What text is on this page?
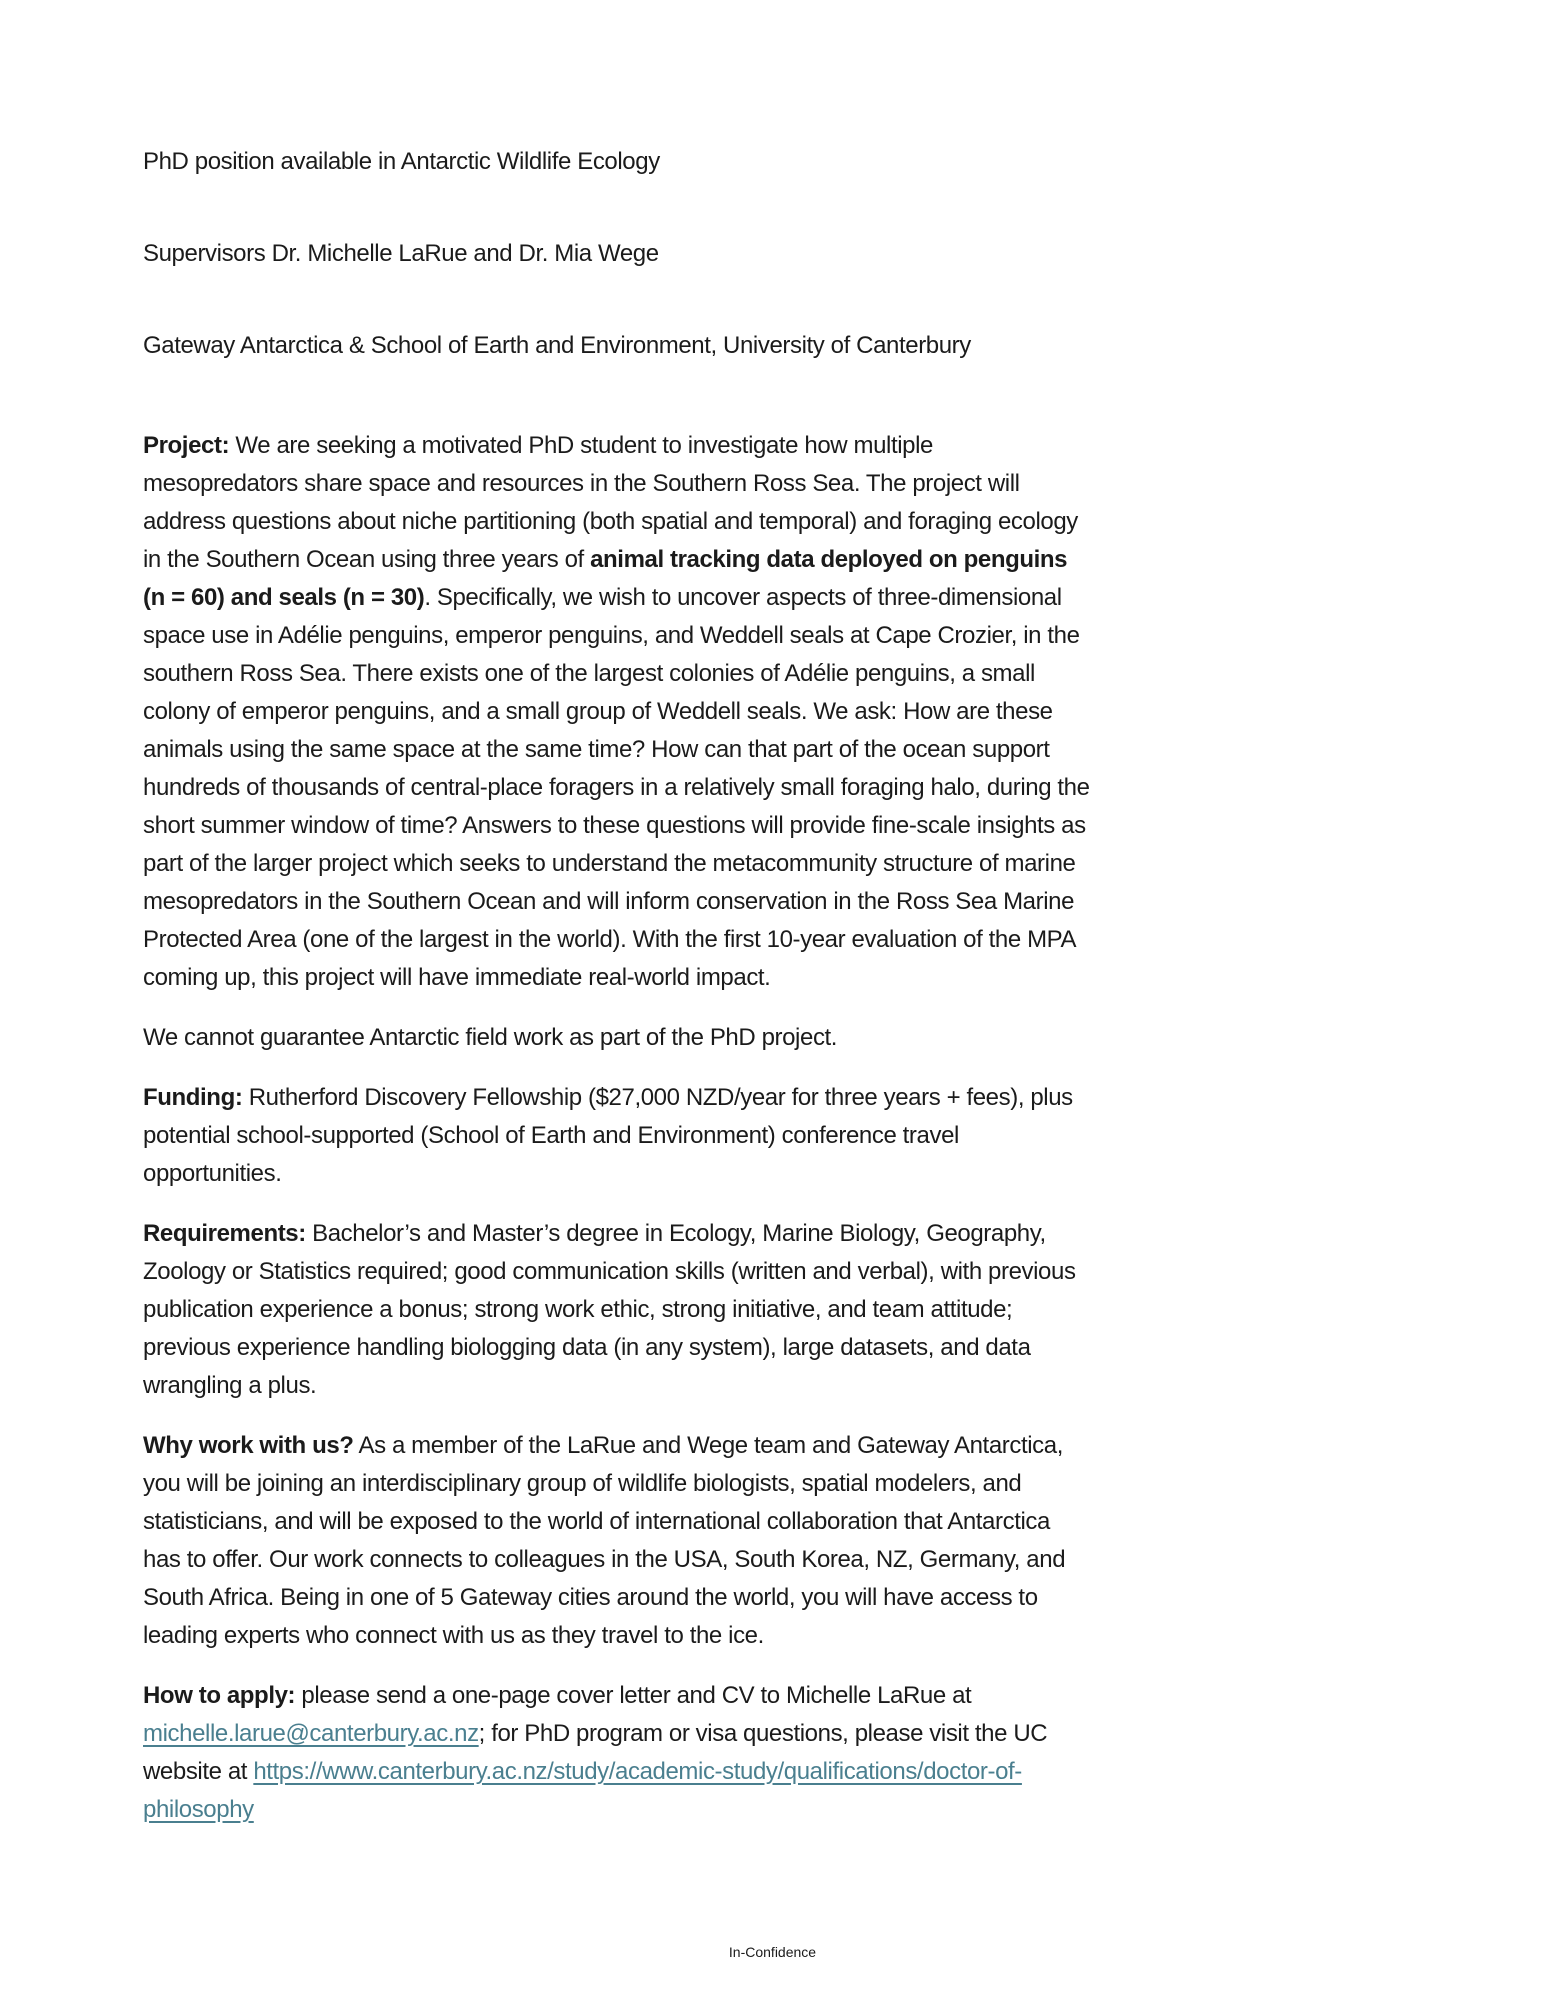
PhD position available in Antarctic Wildlife Ecology

Supervisors Dr. Michelle LaRue and Dr. Mia Wege

Gateway Antarctica & School of Earth and Environment, University of Canterbury

Project: We are seeking a motivated PhD student to investigate how multiple mesopredators share space and resources in the Southern Ross Sea. The project will address questions about niche partitioning (both spatial and temporal) and foraging ecology in the Southern Ocean using three years of animal tracking data deployed on penguins (n = 60) and seals (n = 30). Specifically, we wish to uncover aspects of three-dimensional space use in Adélie penguins, emperor penguins, and Weddell seals at Cape Crozier, in the southern Ross Sea. There exists one of the largest colonies of Adélie penguins, a small colony of emperor penguins, and a small group of Weddell seals. We ask: How are these animals using the same space at the same time? How can that part of the ocean support hundreds of thousands of central-place foragers in a relatively small foraging halo, during the short summer window of time? Answers to these questions will provide fine-scale insights as part of the larger project which seeks to understand the metacommunity structure of marine mesopredators in the Southern Ocean and will inform conservation in the Ross Sea Marine Protected Area (one of the largest in the world). With the first 10-year evaluation of the MPA coming up, this project will have immediate real-world impact.

We cannot guarantee Antarctic field work as part of the PhD project.

Funding: Rutherford Discovery Fellowship ($27,000 NZD/year for three years + fees), plus potential school-supported (School of Earth and Environment) conference travel opportunities.

Requirements: Bachelor’s and Master’s degree in Ecology, Marine Biology, Geography, Zoology or Statistics required; good communication skills (written and verbal), with previous publication experience a bonus; strong work ethic, strong initiative, and team attitude; previous experience handling biologging data (in any system), large datasets, and data wrangling a plus.

Why work with us? As a member of the LaRue and Wege team and Gateway Antarctica, you will be joining an interdisciplinary group of wildlife biologists, spatial modelers, and statisticians, and will be exposed to the world of international collaboration that Antarctica has to offer. Our work connects to colleagues in the USA, South Korea, NZ, Germany, and South Africa. Being in one of 5 Gateway cities around the world, you will have access to leading experts who connect with us as they travel to the ice.

How to apply: please send a one-page cover letter and CV to Michelle LaRue at michelle.larue@canterbury.ac.nz; for PhD program or visa questions, please visit the UC website at https://www.canterbury.ac.nz/study/academic-study/qualifications/doctor-of-philosophy

In-Confidence
